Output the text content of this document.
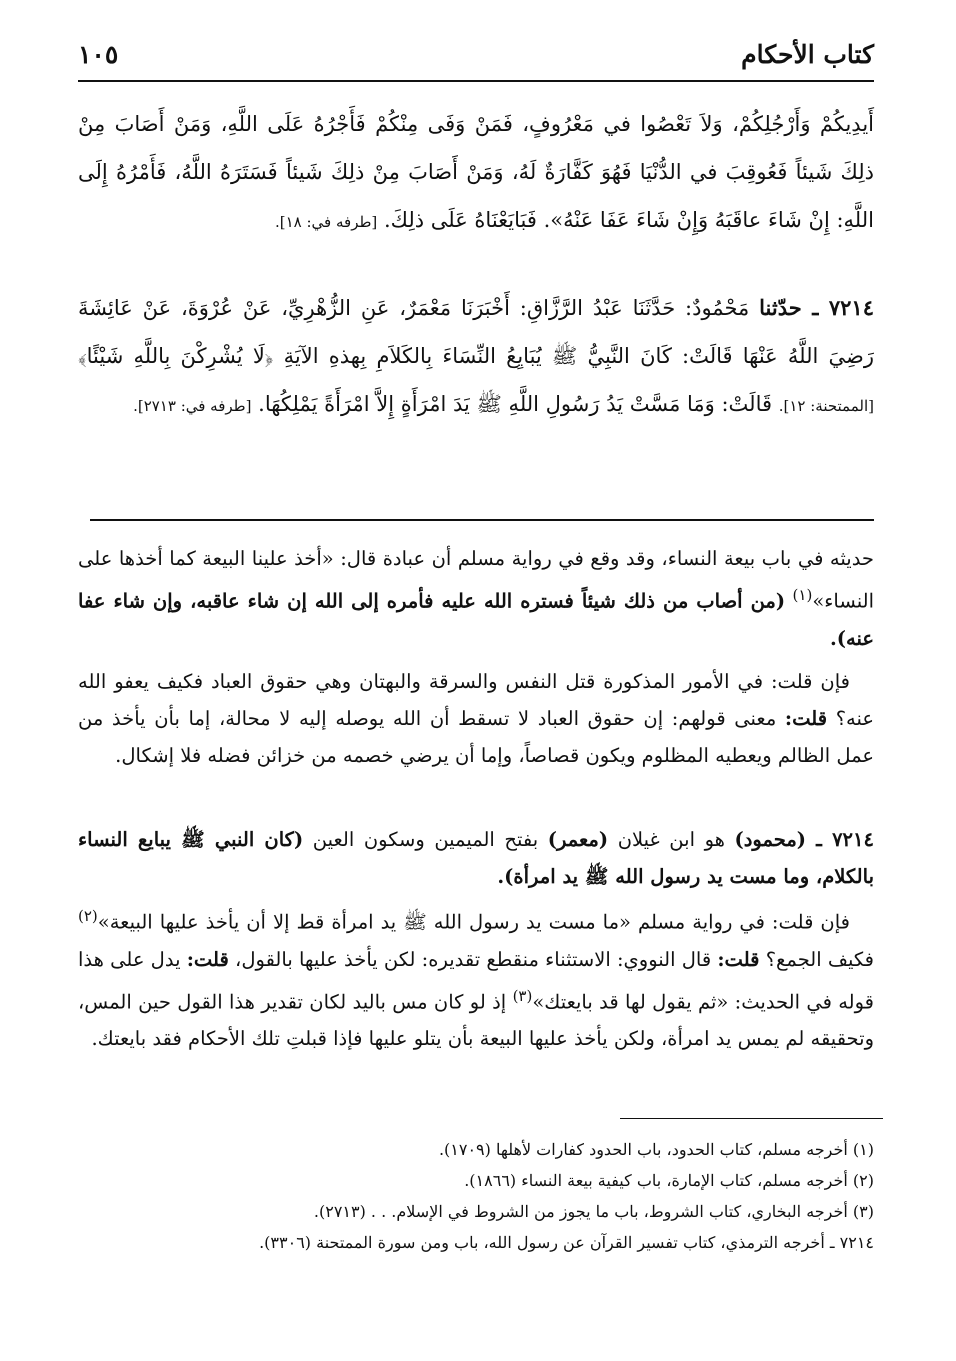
كتاب الأحكام
١٠٥
أَيدِيكُمْ وَأَرْجُلِكُمْ، وَلاَ تَعْصُوا في مَعْرُوفٍ، فَمَنْ وَفَى مِنْكُمْ فَأَجْرُهُ عَلَى اللَّهِ، وَمَنْ أَصَابَ مِنْ ذلِكَ شَيئاً فَعُوقِبَ في الدُّنْيَا فَهُوَ كَفَّارَةٌ لَهُ، وَمَنْ أَصَابَ مِنْ ذلِكَ شَيئاً فَسَتَرَهُ اللَّهُ، فَأَمْرُهُ إِلَى اللَّهِ: إِنْ شَاءَ عاقَبَهُ وَإِنْ شَاءَ عَفَا عَنْهُ». فَبَايَعْنَاهُ عَلَى ذلِكَ. [طرفه في: ١٨].
٧٢١٤ ـ حدّثنا مَحْمُودٌ: حَدَّثَنَا عَبْدُ الرَّزَّاقِ: أَخْبَرَنَا مَعْمَرٌ، عَنِ الزُّهْرِيِّ، عَنْ عُرْوَةَ، عَنْ عَائِشَةَ رَضِيَ اللَّهُ عَنْهَا قَالَتْ: كَانَ النَّبِيُّ ﷺ يُبَايِعُ النِّسَاءَ بِالكَلاَمِ بِهذهِ الآيَةِ ﴿لَا يُشْرِكْنَ بِاللَّهِ شَيْئًا﴾ [الممتحنة: ١٢]. قَالَتْ: وَمَا مَسَّتْ يَدُ رَسُولِ اللَّهِ ﷺ يَدَ امْرَأَةٍ إِلاَّ امْرَأَةً يَمْلِكُهَا. [طرفه في: ٢٧١٣].
حديثه في باب بيعة النساء، وقد وقع في رواية مسلم أن عبادة قال: «أخذ علينا البيعة كما أخذها على النساء»$^{(١)}$ (من أصاب من ذلك شيئاً فستره الله عليه فأمره إلى الله إن شاء عاقبه، وإن شاء عفا عنه).
فإن قلت: في الأمور المذكورة قتل النفس والسرقة والبهتان وهي حقوق العباد فكيف يعفو الله عنه؟ قلت: معنى قولهم: إن حقوق العباد لا تسقط أن الله يوصله إليه لا محالة، إما بأن يأخذ من عمل الظالم ويعطيه المظلوم ويكون قصاصاً، وإما أن يرضي خصمه من خزائن فضله فلا إشكال.
٧٢١٤ ـ (محمود) هو ابن غيلان (معمر) بفتح الميمين وسكون العين (كان النبي ﷺ يبايع النساء بالكلام، وما مست يد رسول الله ﷺ يد امرأة).
فإن قلت: في رواية مسلم «ما مست يد رسول الله ﷺ يد امرأة قط إلا أن يأخذ عليها البيعة»$^{(٢)}$ فكيف الجمع؟ قلت: قال النووي: الاستثناء منقطع تقديره: لكن يأخذ عليها بالقول، قلت: يدل على هذا قوله في الحديث: «ثم يقول لها قد بايعتك»$^{(٣)}$ إذ لو كان مس باليد لكان تقدير هذا القول حين المس، وتحقيقه لم يمس يد امرأة، ولكن يأخذ عليها البيعة بأن يتلو عليها فإذا قبلتِ تلك الأحكام فقد بايعتك.
(١) أخرجه مسلم، كتاب الحدود، باب الحدود كفارات لأهلها (١٧٠٩).
(٢) أخرجه مسلم، كتاب الإمارة، باب كيفية بيعة النساء (١٨٦٦).
(٣) أخرجه البخاري، كتاب الشروط، باب ما يجوز من الشروط في الإسلام. . . (٢٧١٣).
٧٢١٤ ـ أخرجه الترمذي، كتاب تفسير القرآن عن رسول الله، باب ومن سورة الممتحنة (٣٣٠٦).
